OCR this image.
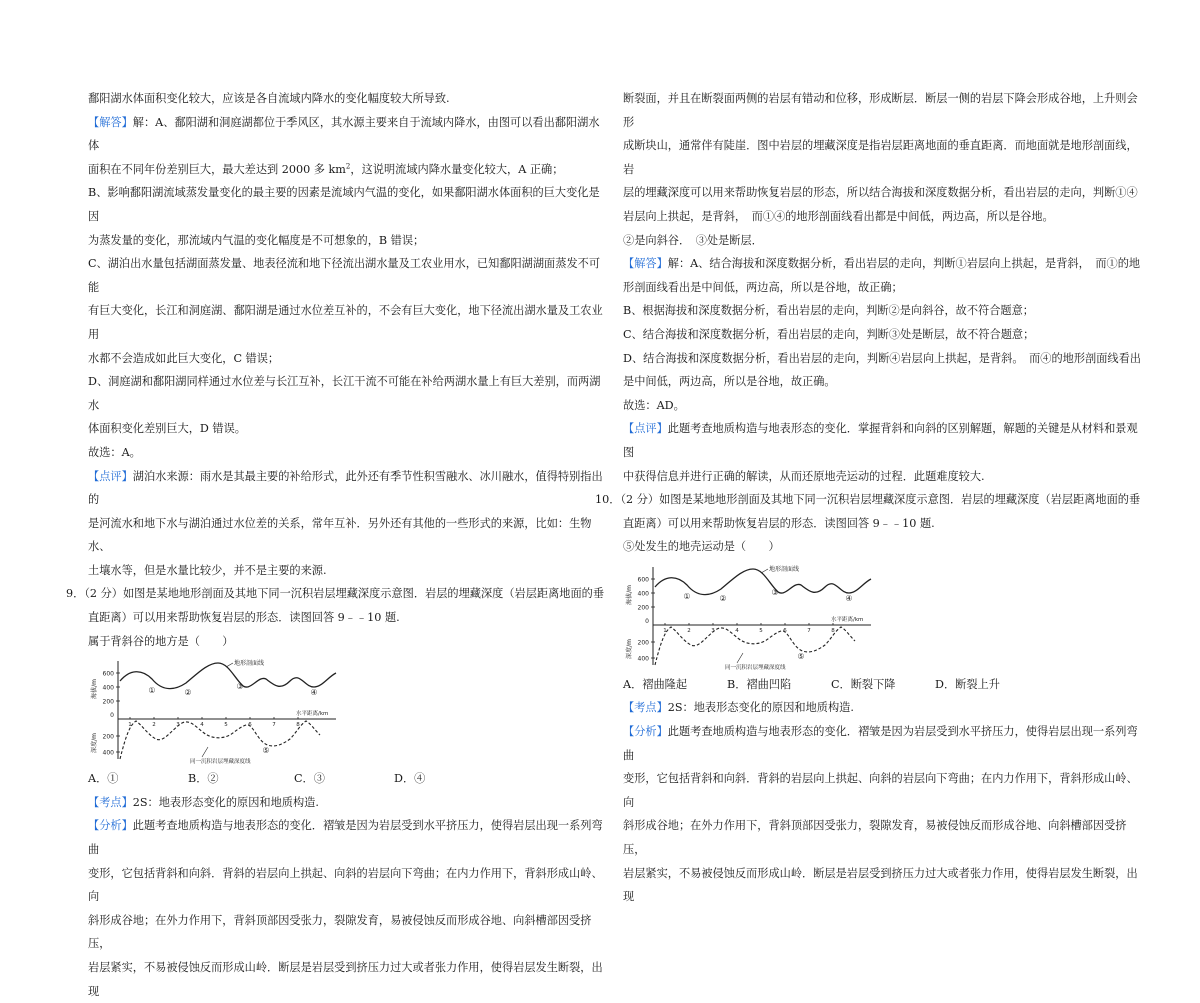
鄱阳湖水体面积变化较大，应该是各自流域内降水的变化幅度较大所导致.

【解答】解：A、鄱阳湖和洞庭湖都位于季风区，其水源主要来自于流域内降水，由图可以看出鄱阳湖水体

面积在不同年份差别巨大，最大差达到 2000 多 $km^2$，这说明流域内降水量变化较大，A 正确；

B、影响鄱阳湖流域蒸发量变化的最主要的因素是流域内气温的变化，如果鄱阳湖水体面积的巨大变化是因

为蒸发量的变化，那流域内气温的变化幅度是不可想象的，B 错误；

C、湖泊出水量包括湖面蒸发量、地表径流和地下径流出湖水量及工农业用水，已知鄱阳湖湖面蒸发不可能

有巨大变化，长江和洞庭湖、鄱阳湖是通过水位差互补的，不会有巨大变化，地下径流出湖水量及工农业用

水都不会造成如此巨大变化，C 错误；

D、洞庭湖和鄱阳湖同样通过水位差与长江互补，长江干流不可能在补给两湖水量上有巨大差别，而两湖水

体面积变化差别巨大，D 错误。

故选：A。

【点评】湖泊水来源：雨水是其最主要的补给形式，此外还有季节性积雪融水、冰川融水，值得特别指出的

是河流水和地下水与湖泊通过水位差的关系，常年互补．另外还有其他的一些形式的来源，比如：生物水、

土壤水等，但是水量比较少，并不是主要的来源.

9．（2 分）如图是某地地形剖面及其地下同一沉积岩层埋藏深度示意图．岩层的埋藏深度（岩层距离地面的垂

直距离）可以用来帮助恢复岩层的形态．读图回答 9﹣﹣10 题.

属于背斜谷的地方是（　　）

600
400
200
0
200
400
海拔/m
深度/m
1	2	3	4	5	6	7	8
水平距离/km
地形剖面线
同一沉积岩层埋藏深度线
①	②
③
④
⑤
A．①	B．②	C．③	D．④

【考点】2S：地表形态变化的原因和地质构造.

【分析】此题考查地质构造与地表形态的变化．褶皱是因为岩层受到水平挤压力，使得岩层出现一系列弯曲

变形，它包括背斜和向斜．背斜的岩层向上拱起、向斜的岩层向下弯曲；在内力作用下，背斜形成山岭、向

斜形成谷地；在外力作用下，背斜顶部因受张力，裂隙发育，易被侵蚀反而形成谷地、向斜槽部因受挤压，

岩层紧实，不易被侵蚀反而形成山岭．断层是岩层受到挤压力过大或者张力作用，使得岩层发生断裂，出现

断裂面，并且在断裂面两侧的岩层有错动和位移，形成断层．断层一侧的岩层下降会形成谷地，上升则会形

成断块山，通常伴有陡崖．图中岩层的埋藏深度是指岩层距离地面的垂直距离．而地面就是地形剖面线，岩

层的埋藏深度可以用来帮助恢复岩层的形态，所以结合海拔和深度数据分析，看出岩层的走向，判断①④

岩层向上拱起，是背斜，　而①④的地形剖面线看出都是中间低，两边高，所以是谷地。

②是向斜谷．　③处是断层．

【解答】解：A、结合海拔和深度数据分析，看出岩层的走向，判断①岩层向上拱起，是背斜，　而①的地

形剖面线看出是中间低，两边高，所以是谷地，故正确；

B、根据海拔和深度数据分析，看出岩层的走向，判断②是向斜谷，故不符合题意；

C、结合海拔和深度数据分析，看出岩层的走向，判断③处是断层，故不符合题意；

D、结合海拔和深度数据分析，看出岩层的走向，判断④岩层向上拱起，是背斜。　而④的地形剖面线看出

是中间低，两边高，所以是谷地，故正确。

故选：AD。

【点评】此题考查地质构造与地表形态的变化．掌握背斜和向斜的区别解题，解题的关键是从材料和景观图

中获得信息并进行正确的解读，从而还原地壳运动的过程．此题难度较大.

10．（2 分）如图是某地地形剖面及其地下同一沉积岩层埋藏深度示意图．岩层的埋藏深度（岩层距离地面的垂

直距离）可以用来帮助恢复岩层的形态．读图回答 9﹣﹣10 题.

⑤处发生的地壳运动是（　　）

600
400
200
0
200
400
海拔/m
深度/m
1	2	3	4	5	6	7	8
水平距离/km
地形剖面线
同一沉积岩层埋藏深度线
①	②
③
④
⑤
A．褶曲隆起	B．褶曲凹陷	C．断裂下降	D．断裂上升

【考点】2S：地表形态变化的原因和地质构造.

【分析】此题考查地质构造与地表形态的变化．褶皱是因为岩层受到水平挤压力，使得岩层出现一系列弯曲

变形，它包括背斜和向斜．背斜的岩层向上拱起、向斜的岩层向下弯曲；在内力作用下，背斜形成山岭、向

斜形成谷地；在外力作用下，背斜顶部因受张力，裂隙发育，易被侵蚀反而形成谷地、向斜槽部因受挤压，

岩层紧实，不易被侵蚀反而形成山岭．断层是岩层受到挤压力过大或者张力作用，使得岩层发生断裂，出现
